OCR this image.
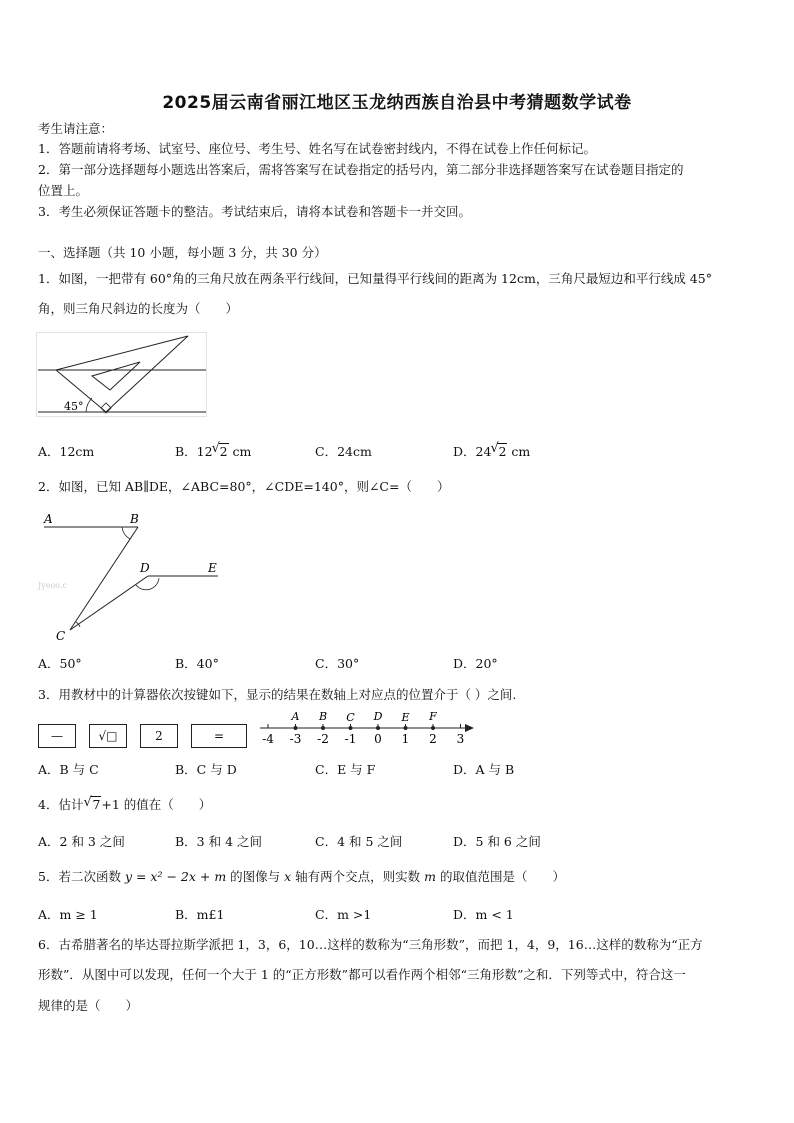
2025届云南省丽江地区玉龙纳西族自治县中考猜题数学试卷
考生请注意：
1．答题前请将考场、试室号、座位号、考生号、姓名写在试卷密封线内，不得在试卷上作任何标记。
2．第一部分选择题每小题选出答案后，需将答案写在试卷指定的括号内，第二部分非选择题答案写在试卷题目指定的
位置上。
3．考生必须保证答题卡的整洁。考试结束后，请将本试卷和答题卡一并交回。
一、选择题（共 10 小题，每小题 3 分，共 30 分）
1．如图，一把带有 60°角的三角尺放在两条平行线间，已知量得平行线间的距离为 12cm，三角尺最短边和平行线成 45°
角，则三角尺斜边的长度为（　　）
45°
A．12cm	B．12 √ 2 cm	C．24cm	D．24 √ 2 cm
2．如图，已知 AB∥DE，∠ABC=80°，∠CDE=140°，则∠C=（　　）
A	B
D	E
C
Jyeoo.c
A．50°	B．40°	C．30°	D．20°
3．用教材中的计算器依次按键如下，显示的结果在数轴上对应点的位置介于（ ）之间.
—	√□	2	=
A B C D E F
-4 -3 -2 -1 0 1 2 3
A．B 与 C	B．C 与 D	C．E 与 F	D．A 与 B
4．估计 √ 7+1 的值在（　　）
A．2 和 3 之间	B．3 和 4 之间	C．4 和 5 之间	D．5 和 6 之间
5．若二次函数 y = x² − 2x + m 的图像与 x 轴有两个交点，则实数 m 的取值范围是（　　）
A．m ≥ 1	B．m£1	C．m >1	D．m < 1
6．古希腊著名的毕达哥拉斯学派把 1，3，6，10…这样的数称为“三角形数”，而把 1，4，9，16…这样的数称为“正方
形数”．从图中可以发现，任何一个大于 1 的“正方形数”都可以看作两个相邻“三角形数”之和．下列等式中，符合这一
规律的是（　　）
